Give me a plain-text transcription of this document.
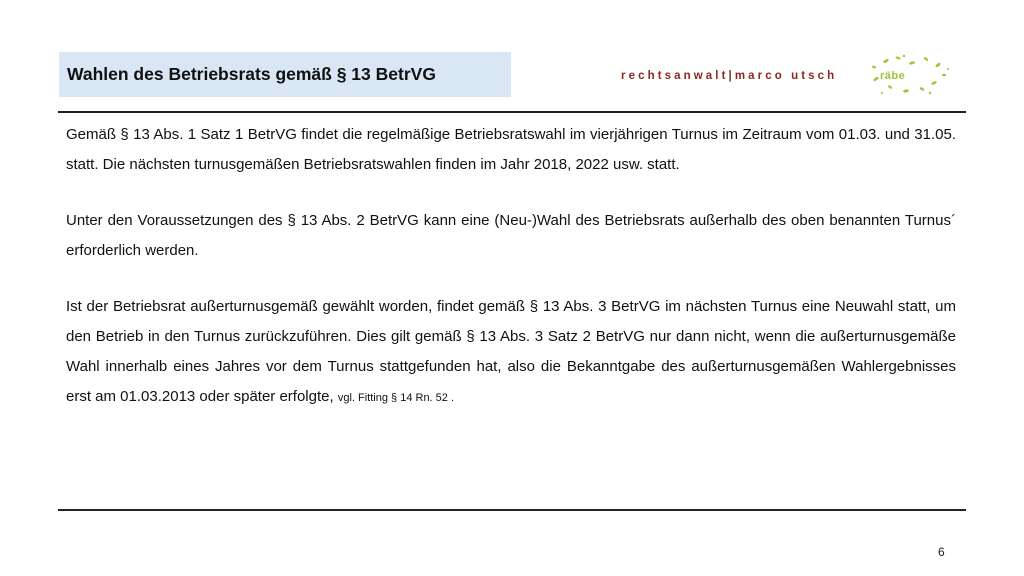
Wahlen des Betriebsrats gemäß § 13 BetrVG	rechtsanwalt|marco utsch	räbe

Gemäß § 13 Abs. 1 Satz 1 BetrVG findet die regelmäßige Betriebsratswahl im vierjährigen Turnus im Zeitraum vom 01.03. und 31.05. statt. Die nächsten turnusgemäßen Betriebsratswahlen finden im Jahr 2018, 2022 usw. statt.

Unter den Voraussetzungen des § 13 Abs. 2 BetrVG kann eine (Neu-)Wahl des Betriebsrats außerhalb des oben benannten Turnus´ erforderlich werden.

Ist der Betriebsrat außerturnusgemäß gewählt worden, findet gemäß § 13 Abs. 3 BetrVG im nächsten Turnus eine Neuwahl statt, um den Betrieb in den Turnus zurückzuführen. Dies gilt gemäß § 13 Abs. 3 Satz 2 BetrVG nur dann nicht, wenn die außerturnusgemäße Wahl innerhalb eines Jahres vor dem Turnus stattgefunden hat, also die Bekanntgabe des außerturnusgemäßen Wahlergebnisses erst am 01.03.2013 oder später erfolgte, vgl. Fitting § 14 Rn. 52 .

6
